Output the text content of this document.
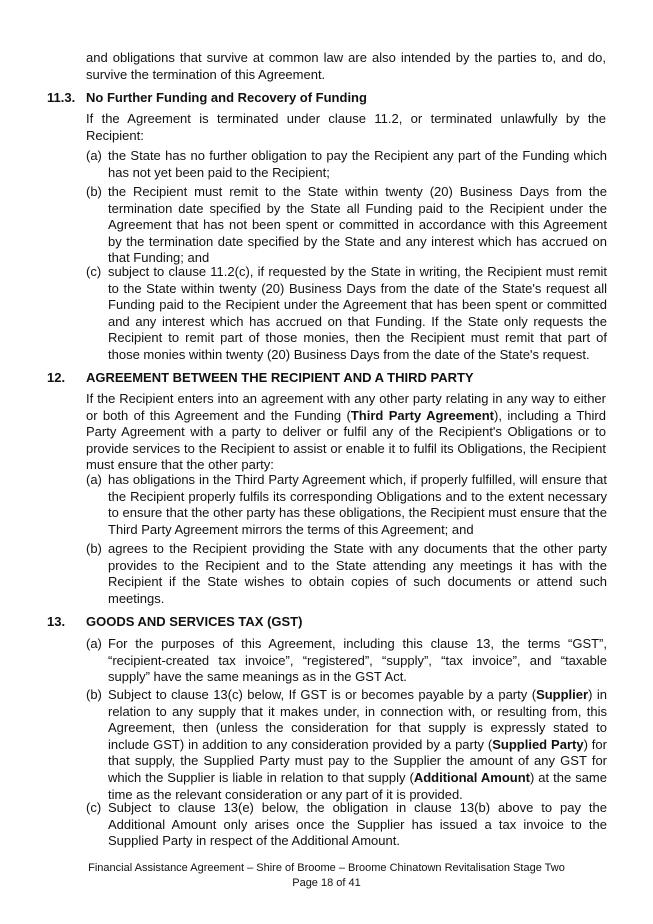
and obligations that survive at common law are also intended by the parties to, and do, survive the termination of this Agreement.
11.3. No Further Funding and Recovery of Funding
If the Agreement is terminated under clause 11.2, or terminated unlawfully by the Recipient:
(a) the State has no further obligation to pay the Recipient any part of the Funding which has not yet been paid to the Recipient;
(b) the Recipient must remit to the State within twenty (20) Business Days from the termination date specified by the State all Funding paid to the Recipient under the Agreement that has not been spent or committed in accordance with this Agreement by the termination date specified by the State and any interest which has accrued on that Funding; and
(c) subject to clause 11.2(c), if requested by the State in writing, the Recipient must remit to the State within twenty (20) Business Days from the date of the State's request all Funding paid to the Recipient under the Agreement that has been spent or committed and any interest which has accrued on that Funding. If the State only requests the Recipient to remit part of those monies, then the Recipient must remit that part of those monies within twenty (20) Business Days from the date of the State's request.
12. AGREEMENT BETWEEN THE RECIPIENT AND A THIRD PARTY
If the Recipient enters into an agreement with any other party relating in any way to either or both of this Agreement and the Funding (Third Party Agreement), including a Third Party Agreement with a party to deliver or fulfil any of the Recipient's Obligations or to provide services to the Recipient to assist or enable it to fulfil its Obligations, the Recipient must ensure that the other party:
(a) has obligations in the Third Party Agreement which, if properly fulfilled, will ensure that the Recipient properly fulfils its corresponding Obligations and to the extent necessary to ensure that the other party has these obligations, the Recipient must ensure that the Third Party Agreement mirrors the terms of this Agreement; and
(b) agrees to the Recipient providing the State with any documents that the other party provides to the Recipient and to the State attending any meetings it has with the Recipient if the State wishes to obtain copies of such documents or attend such meetings.
13. GOODS AND SERVICES TAX (GST)
(a) For the purposes of this Agreement, including this clause 13, the terms “GST”, “recipient-created tax invoice”, “registered”, “supply”, “tax invoice”, and “taxable supply” have the same meanings as in the GST Act.
(b) Subject to clause 13(c) below, If GST is or becomes payable by a party (Supplier) in relation to any supply that it makes under, in connection with, or resulting from, this Agreement, then (unless the consideration for that supply is expressly stated to include GST) in addition to any consideration provided by a party (Supplied Party) for that supply, the Supplied Party must pay to the Supplier the amount of any GST for which the Supplier is liable in relation to that supply (Additional Amount) at the same time as the relevant consideration or any part of it is provided.
(c) Subject to clause 13(e) below, the obligation in clause 13(b) above to pay the Additional Amount only arises once the Supplier has issued a tax invoice to the Supplied Party in respect of the Additional Amount.
Financial Assistance Agreement – Shire of Broome – Broome Chinatown Revitalisation Stage Two
Page 18 of 41
